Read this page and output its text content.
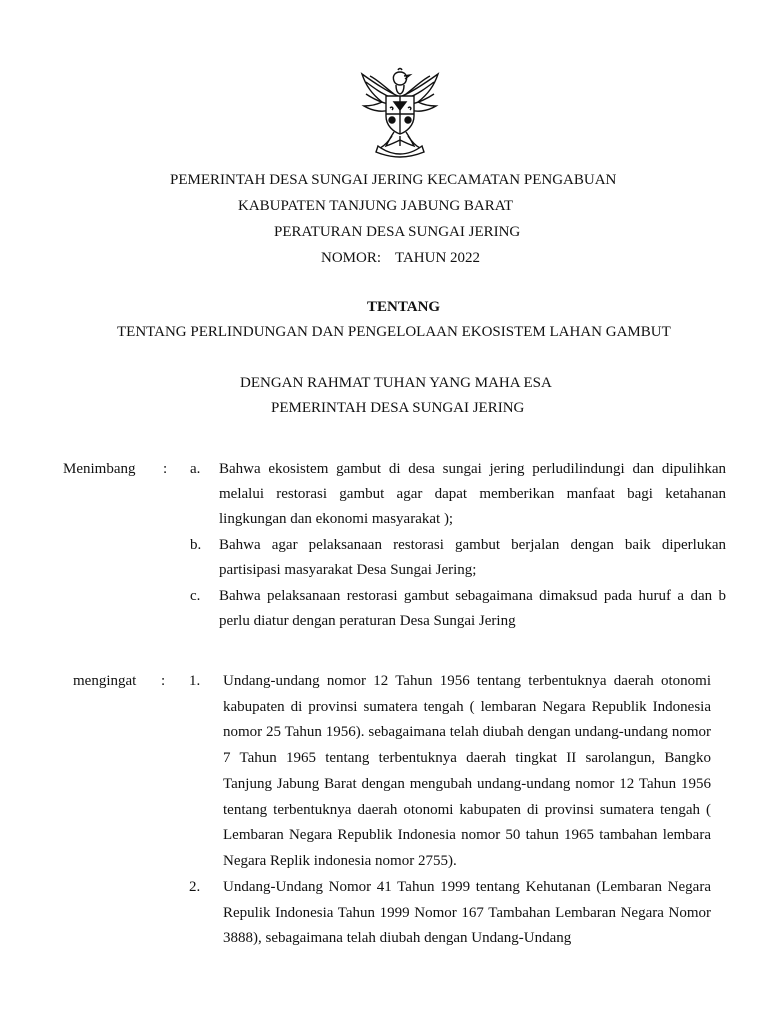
PEMERINTAH DESA SUNGAI JERING KECAMATAN PENGABUAN
KABUPATEN TANJUNG JABUNG BARAT
PERATURAN DESA SUNGAI JERING
NOMOR: TAHUN 2022
TENTANG
TENTANG PERLINDUNGAN DAN PENGELOLAAN EKOSISTEM LAHAN GAMBUT
DENGAN RAHMAT TUHAN YANG MAHA ESA
PEMERINTAH DESA SUNGAI JERING
Menimbang : a. Bahwa ekosistem gambut di desa sungai jering perludilindungi dan dipulihkan melalui restorasi gambut agar dapat memberikan manfaat bagi ketahanan lingkungan dan ekonomi masyarakat );
b. Bahwa agar pelaksanaan restorasi gambut berjalan dengan baik diperlukan partisipasi masyarakat Desa Sungai Jering;
c. Bahwa pelaksanaan restorasi gambut sebagaimana dimaksud pada huruf a dan b perlu diatur dengan peraturan Desa Sungai Jering
mengingat : 1. Undang-undang nomor 12 Tahun 1956 tentang terbentuknya daerah otonomi kabupaten di provinsi sumatera tengah ( lembaran Negara Republik Indonesia nomor 25 Tahun 1956). sebagaimana telah diubah dengan undang-undang nomor 7 Tahun 1965 tentang terbentuknya daerah tingkat II sarolangun, Bangko Tanjung Jabung Barat dengan mengubah undang-undang nomor 12 Tahun 1956 tentang terbentuknya daerah otonomi kabupaten di provinsi sumatera tengah ( Lembaran Negara Republik Indonesia nomor 50 tahun 1965 tambahan lembara Negara Replik indonesia nomor 2755).
2. Undang-Undang Nomor 41 Tahun 1999 tentang Kehutanan (Lembaran Negara Repulik Indonesia Tahun 1999 Nomor 167 Tambahan Lembaran Negara Nomor 3888), sebagaimana telah diubah dengan Undang-Undang
